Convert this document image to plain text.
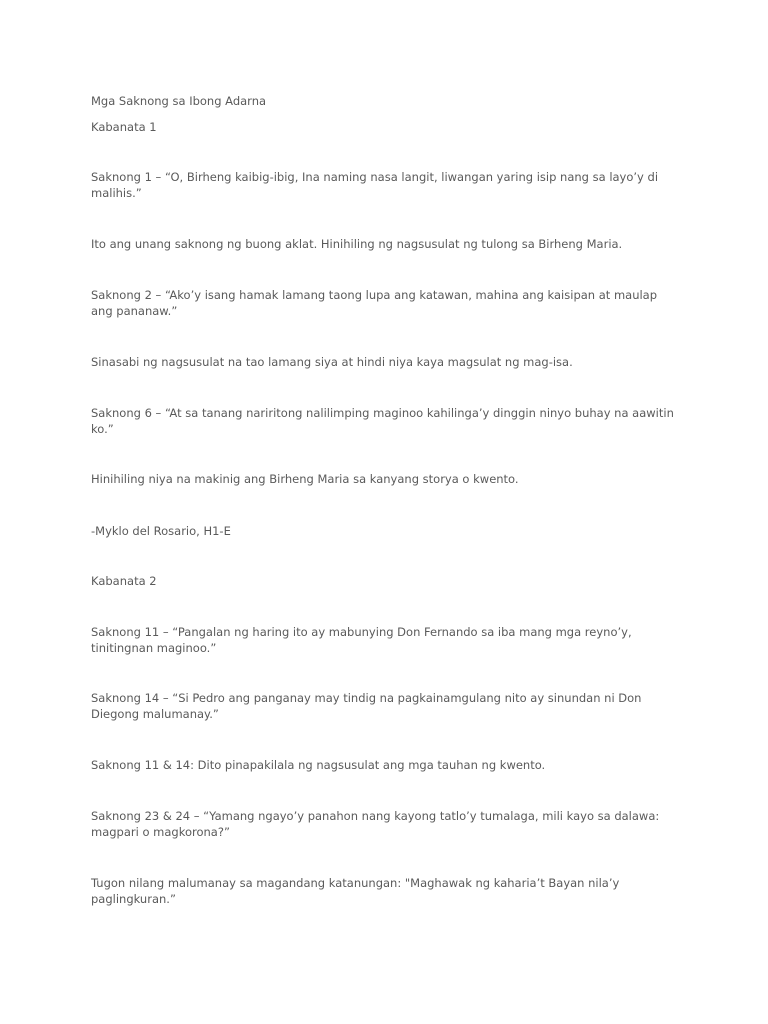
Mga Saknong sa Ibong Adarna

Kabanata 1

Saknong 1 – “O, Birheng kaibig-ibig, Ina naming nasa langit, liwangan yaring isip nang sa layo’y di malihis.”

Ito ang unang saknong ng buong aklat. Hinihiling ng nagsusulat ng tulong sa Birheng Maria.

Saknong 2 – “Ako’y isang hamak lamang taong lupa ang katawan, mahina ang kaisipan at maulap ang pananaw.”

Sinasabi ng nagsusulat na tao lamang siya at hindi niya kaya magsulat ng mag-isa.

Saknong 6 – “At sa tanang nariritong nalilimping maginoo kahilinga’y dinggin ninyo buhay na aawitin ko.”

Hinihiling niya na makinig ang Birheng Maria sa kanyang storya o kwento.

-Myklo del Rosario, H1-E

Kabanata 2

Saknong 11 – “Pangalan ng haring ito ay mabunying Don Fernando sa iba mang mga reyno’y, tinitingnan maginoo.”

Saknong 14 – “Si Pedro ang panganay may tindig na pagkainamgulang nito ay sinundan ni Don Diegong malumanay.”

Saknong 11 & 14: Dito pinapakilala ng nagsusulat ang mga tauhan ng kwento.

Saknong 23 & 24 – “Yamang ngayo’y panahon nang kayong tatlo’y tumalaga, mili kayo sa dalawa: magpari o magkorona?”

Tugon nilang malumanay sa magandang katanungan: "Maghawak ng kaharia’t Bayan nila’y paglingkuran.”
